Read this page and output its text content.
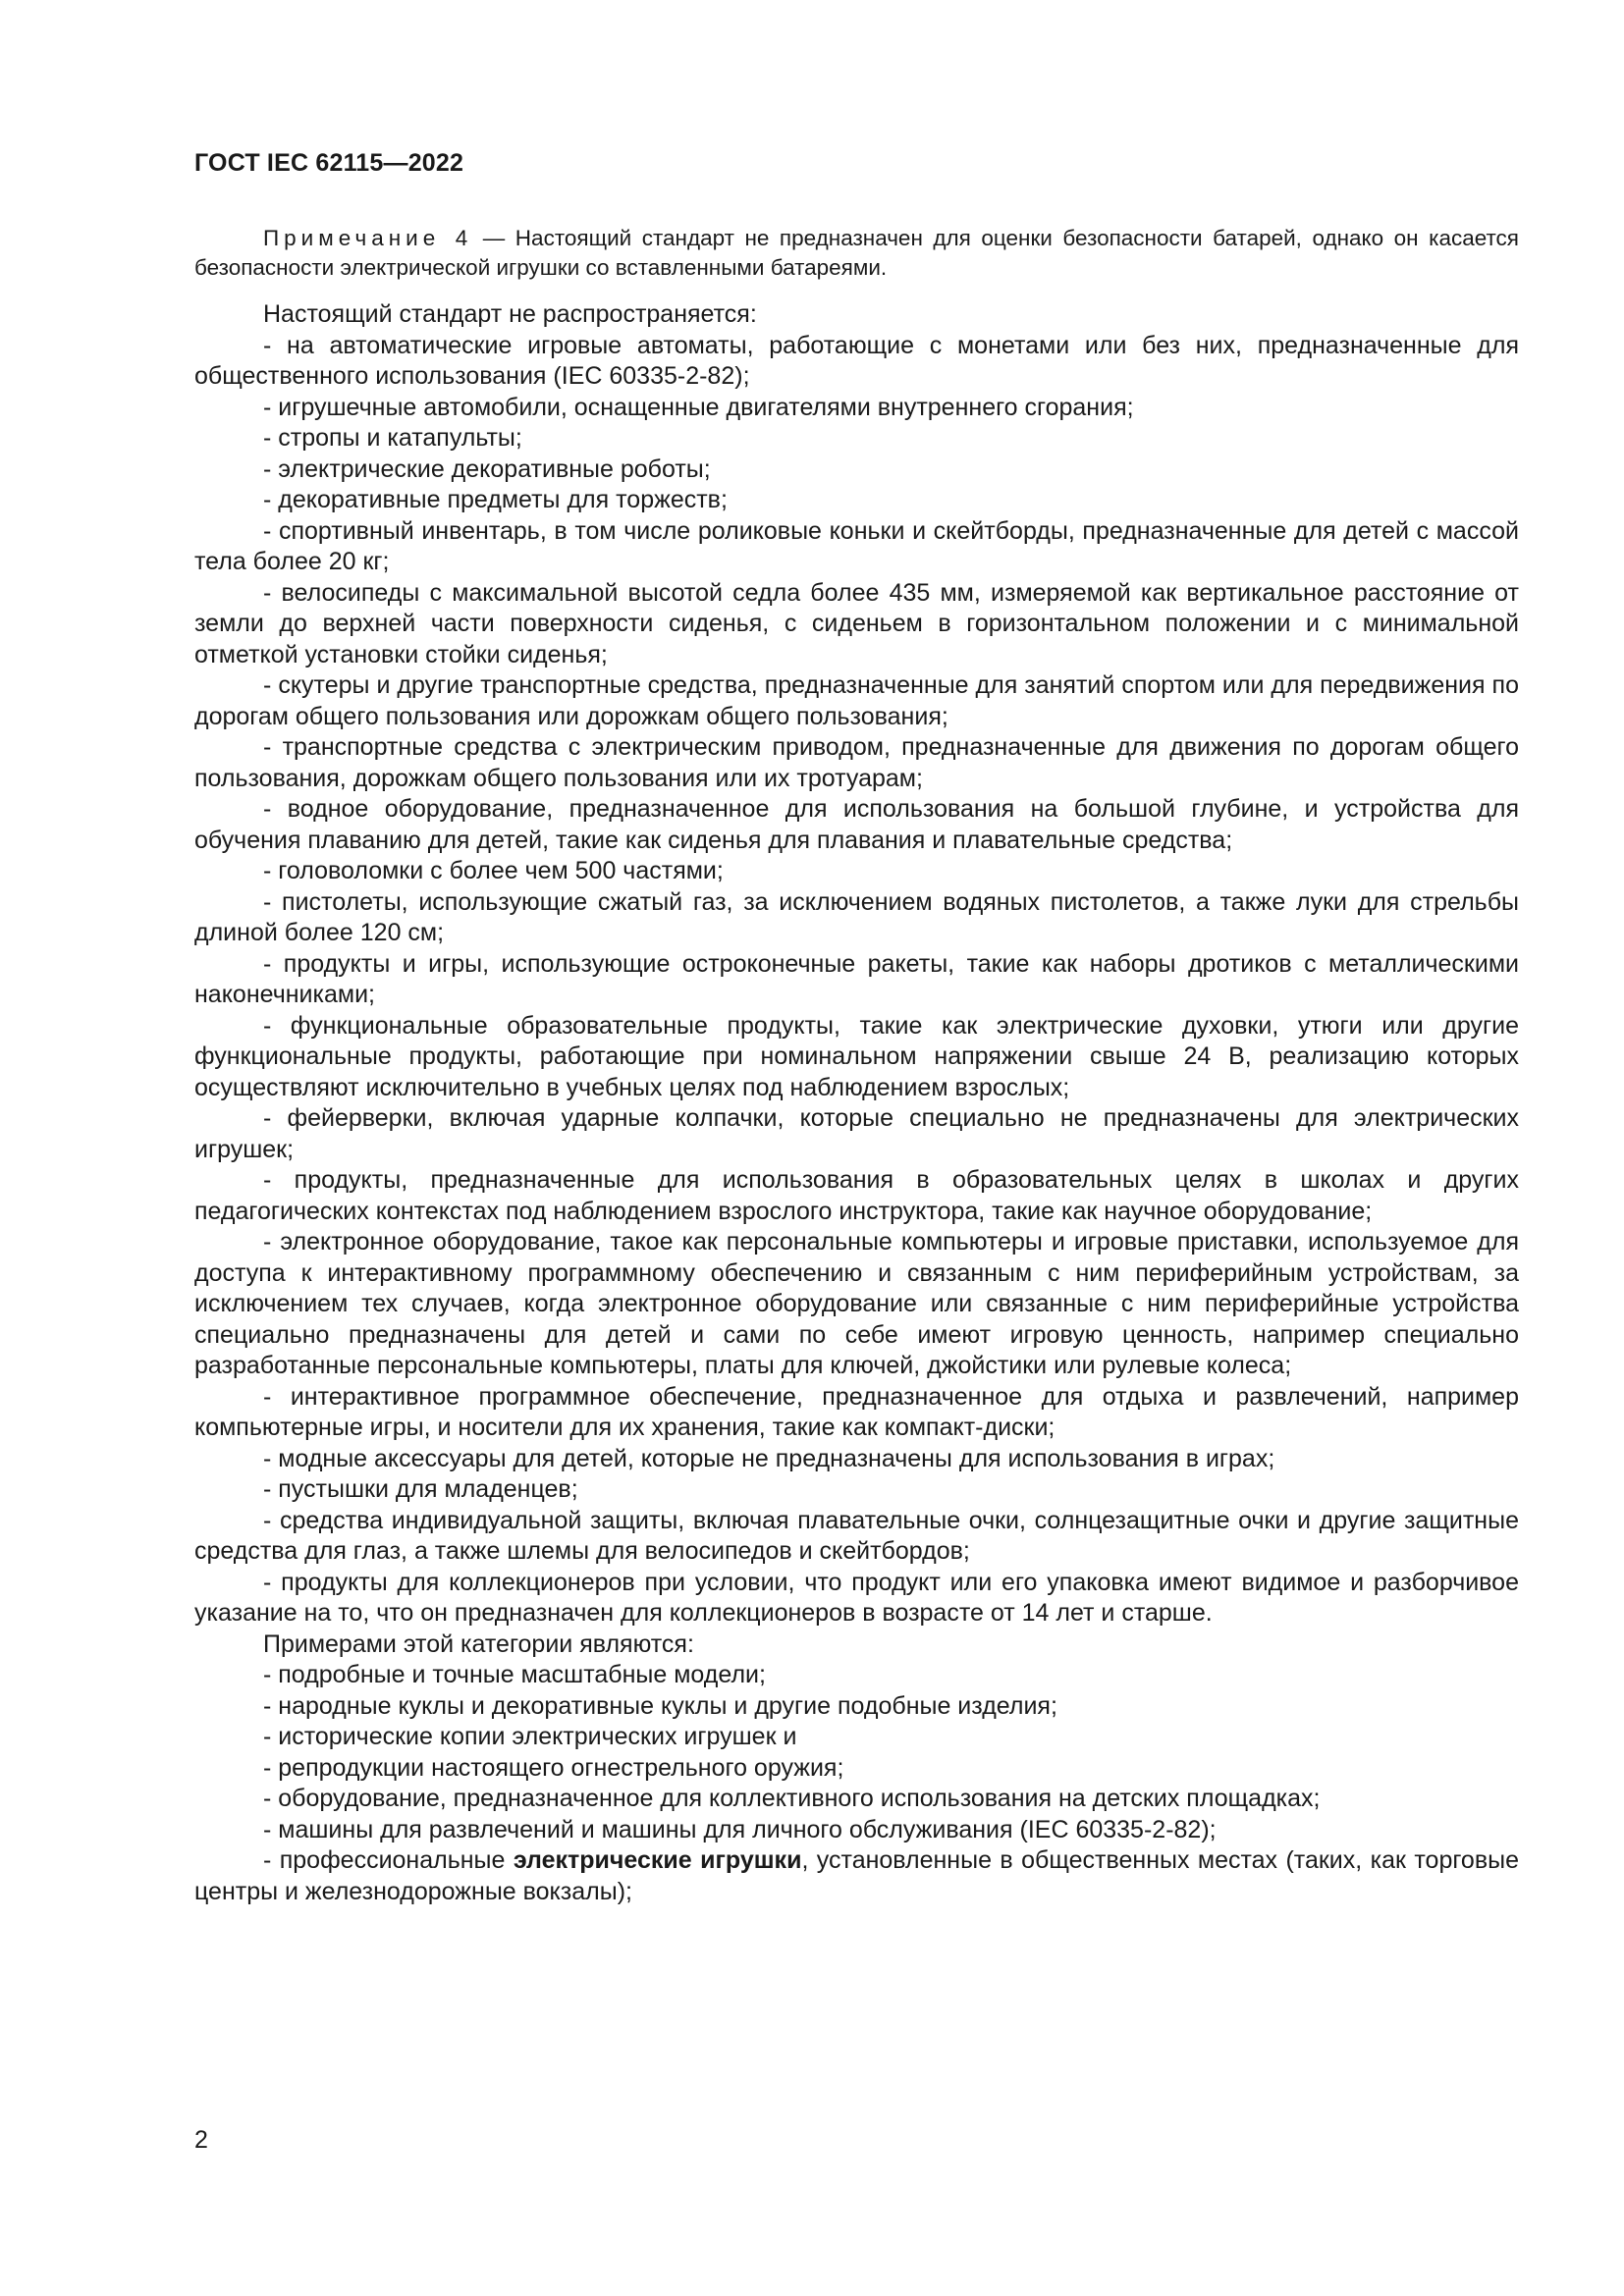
ГОСТ IEC 62115—2022

Примечание 4 — Настоящий стандарт не предназначен для оценки безопасности батарей, однако он касается безопасности электрической игрушки со вставленными батареями.

Настоящий стандарт не распространяется:

- на автоматические игровые автоматы, работающие с монетами или без них, предназначенные для общественного использования (IEC 60335-2-82);

- игрушечные автомобили, оснащенные двигателями внутреннего сгорания;

- стропы и катапульты;

- электрические декоративные роботы;

- декоративные предметы для торжеств;

- спортивный инвентарь, в том числе роликовые коньки и скейтборды, предназначенные для детей с массой тела более 20 кг;

- велосипеды с максимальной высотой седла более 435 мм, измеряемой как вертикальное расстояние от земли до верхней части поверхности сиденья, с сиденьем в горизонтальном положении и с минимальной отметкой установки стойки сиденья;

- скутеры и другие транспортные средства, предназначенные для занятий спортом или для передвижения по дорогам общего пользования или дорожкам общего пользования;

- транспортные средства с электрическим приводом, предназначенные для движения по дорогам общего пользования, дорожкам общего пользования или их тротуарам;

- водное оборудование, предназначенное для использования на большой глубине, и устройства для обучения плаванию для детей, такие как сиденья для плавания и плавательные средства;

- головоломки с более чем 500 частями;

- пистолеты, использующие сжатый газ, за исключением водяных пистолетов, а также луки для стрельбы длиной более 120 см;

- продукты и игры, использующие остроконечные ракеты, такие как наборы дротиков с металлическими наконечниками;

- функциональные образовательные продукты, такие как электрические духовки, утюги или другие функциональные продукты, работающие при номинальном напряжении свыше 24 В, реализацию которых осуществляют исключительно в учебных целях под наблюдением взрослых;

- фейерверки, включая ударные колпачки, которые специально не предназначены для электрических игрушек;

- продукты, предназначенные для использования в образовательных целях в школах и других педагогических контекстах под наблюдением взрослого инструктора, такие как научное оборудование;

- электронное оборудование, такое как персональные компьютеры и игровые приставки, используемое для доступа к интерактивному программному обеспечению и связанным с ним периферийным устройствам, за исключением тех случаев, когда электронное оборудование или связанные с ним периферийные устройства специально предназначены для детей и сами по себе имеют игровую ценность, например специально разработанные персональные компьютеры, платы для ключей, джойстики или рулевые колеса;

- интерактивное программное обеспечение, предназначенное для отдыха и развлечений, например компьютерные игры, и носители для их хранения, такие как компакт-диски;

- модные аксессуары для детей, которые не предназначены для использования в играх;

- пустышки для младенцев;

- средства индивидуальной защиты, включая плавательные очки, солнцезащитные очки и другие защитные средства для глаз, а также шлемы для велосипедов и скейтбордов;

- продукты для коллекционеров при условии, что продукт или его упаковка имеют видимое и разборчивое указание на то, что он предназначен для коллекционеров в возрасте от 14 лет и старше.

Примерами этой категории являются:

- подробные и точные масштабные модели;

- народные куклы и декоративные куклы и другие подобные изделия;

- исторические копии электрических игрушек и

- репродукции настоящего огнестрельного оружия;

- оборудование, предназначенное для коллективного использования на детских площадках;

- машины для развлечений и машины для личного обслуживания (IEC 60335-2-82);

- профессиональные электрические игрушки, установленные в общественных местах (таких, как торговые центры и железнодорожные вокзалы);

2
